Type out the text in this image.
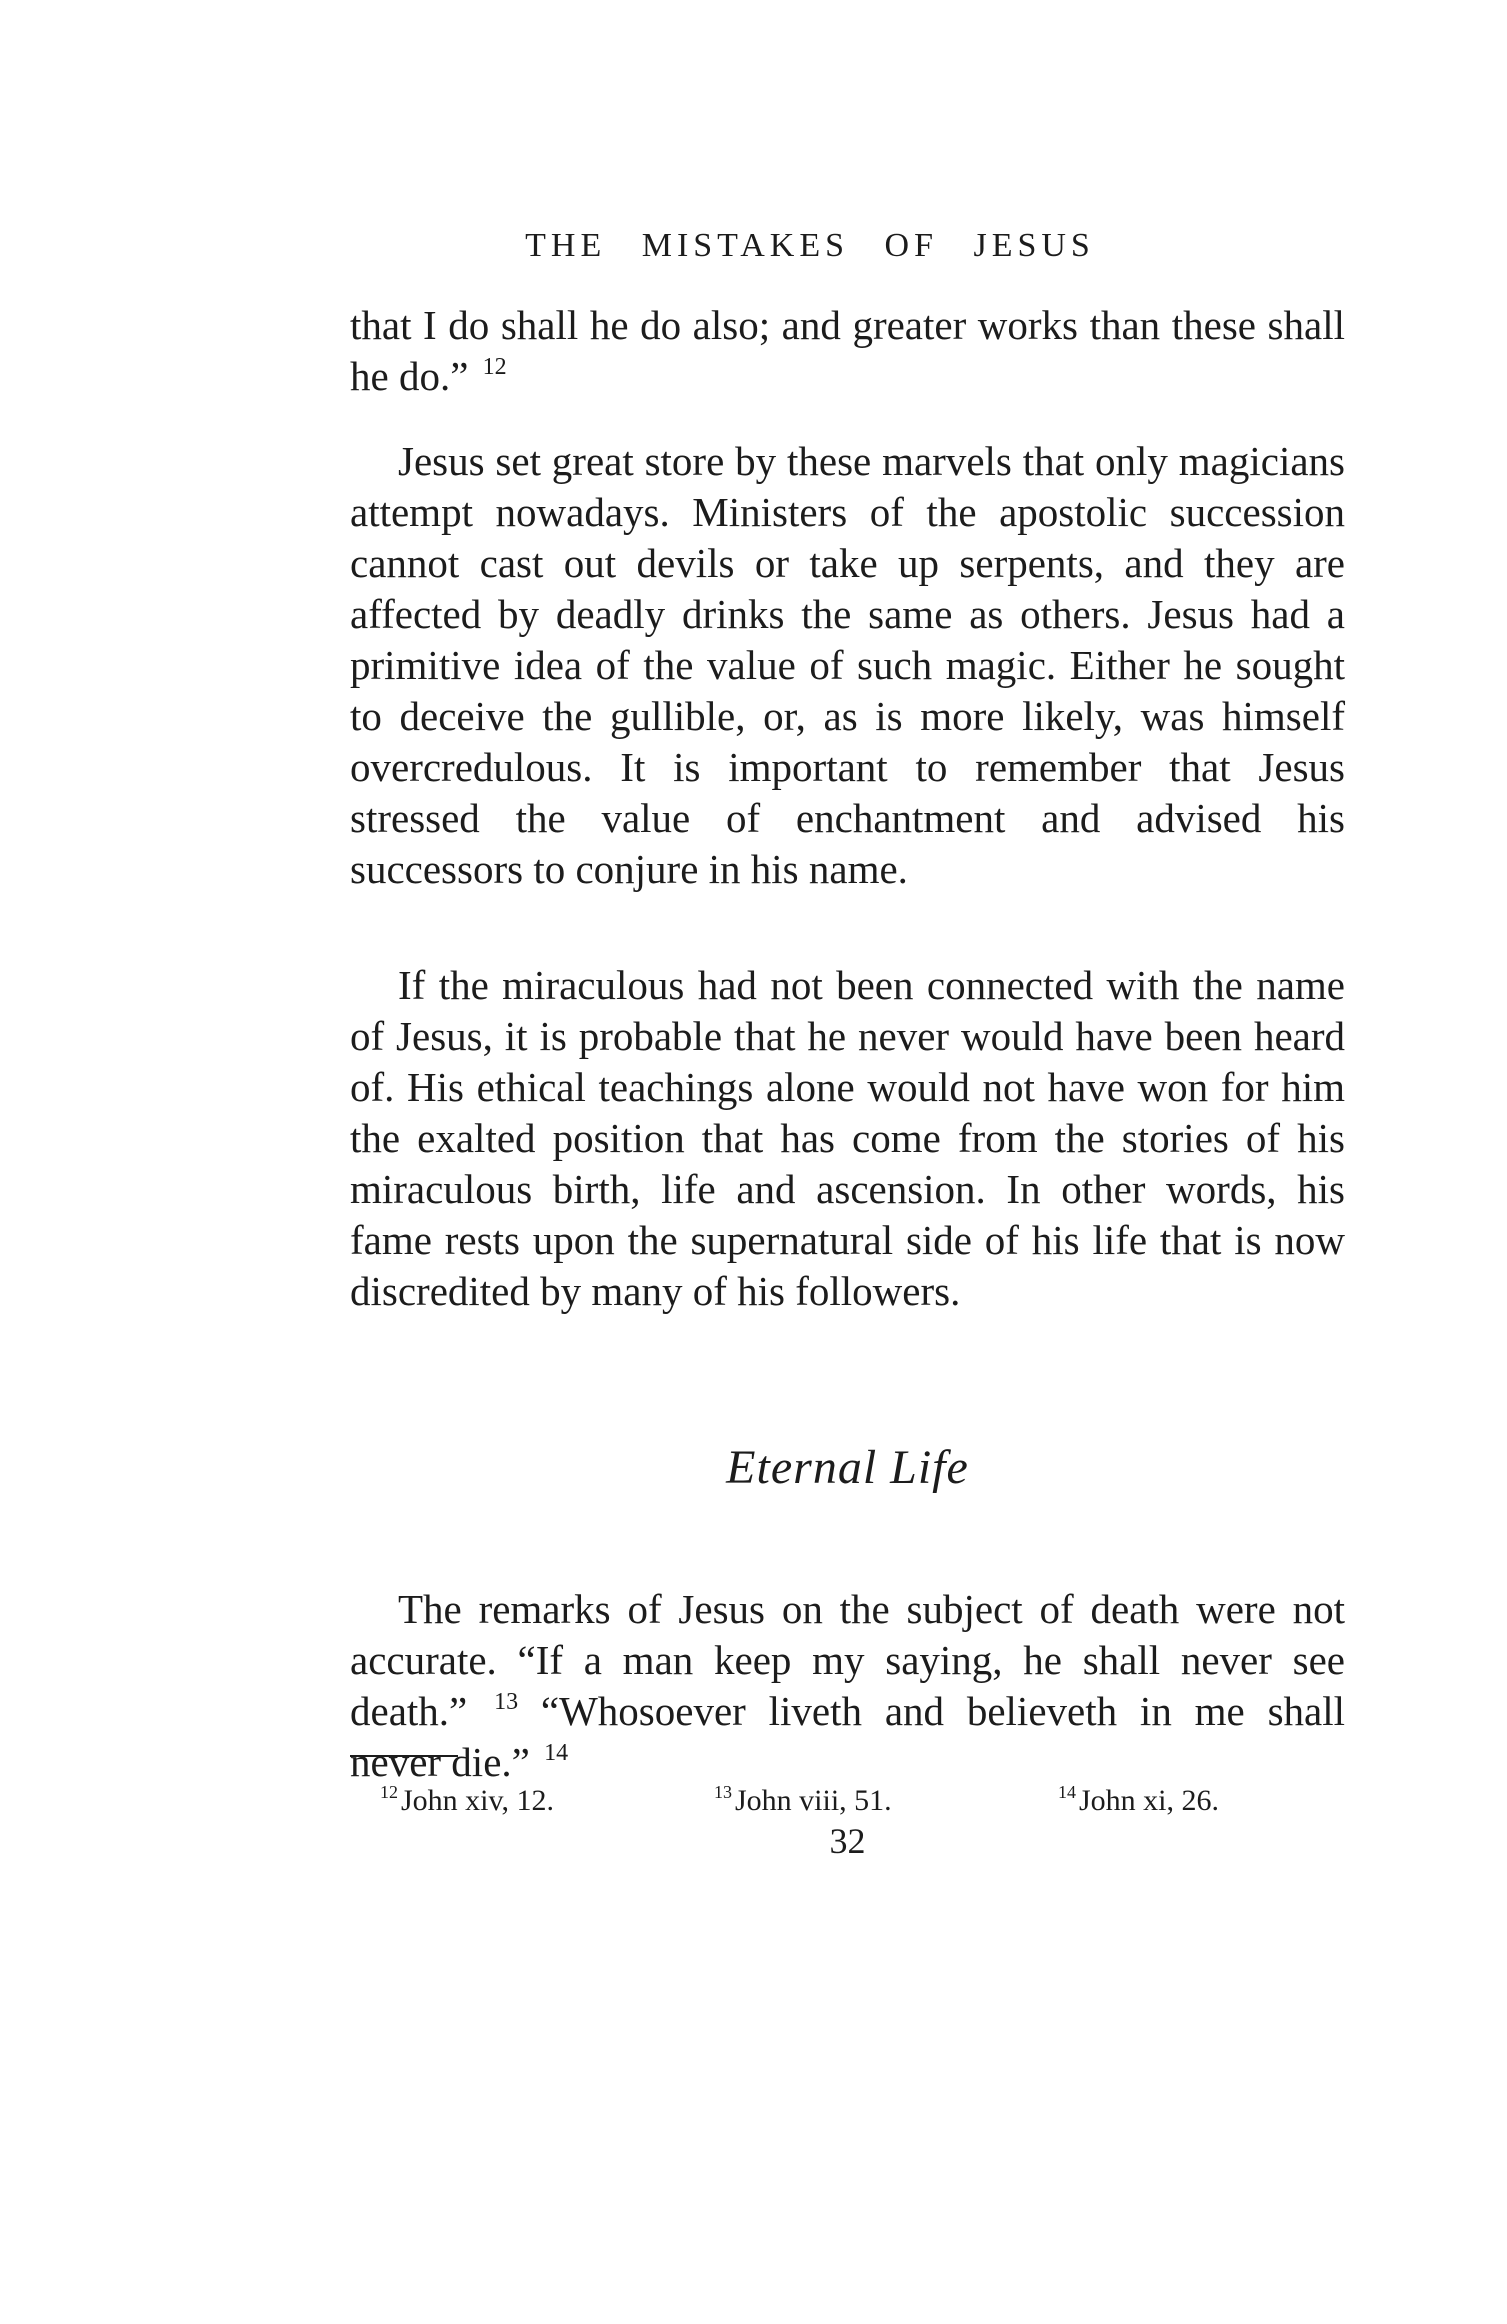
THE MISTAKES OF JESUS

that I do shall he do also; and greater works than these shall he do.” $^{12}$

Jesus set great store by these marvels that only magicians attempt nowadays. Ministers of the apostolic succession cannot cast out devils or take up serpents, and they are affected by deadly drinks the same as others. Jesus had a primitive idea of the value of such magic. Either he sought to deceive the gullible, or, as is more likely, was himself overcredulous. It is important to remember that Jesus stressed the value of enchantment and advised his successors to conjure in his name.

If the miraculous had not been connected with the name of Jesus, it is probable that he never would have been heard of. His ethical teachings alone would not have won for him the exalted position that has come from the stories of his miraculous birth, life and ascension. In other words, his fame rests upon the supernatural side of his life that is now discredited by many of his followers.

Eternal Life

The remarks of Jesus on the subject of death were not accurate. “If a man keep my saying, he shall never see death.” $^{13}$ “Whosoever liveth and believeth in me shall never die.” $^{14}$

$^{12}$ John xiv, 12.	$^{13}$ John viii, 51.	$^{14}$ John xi, 26.
32
